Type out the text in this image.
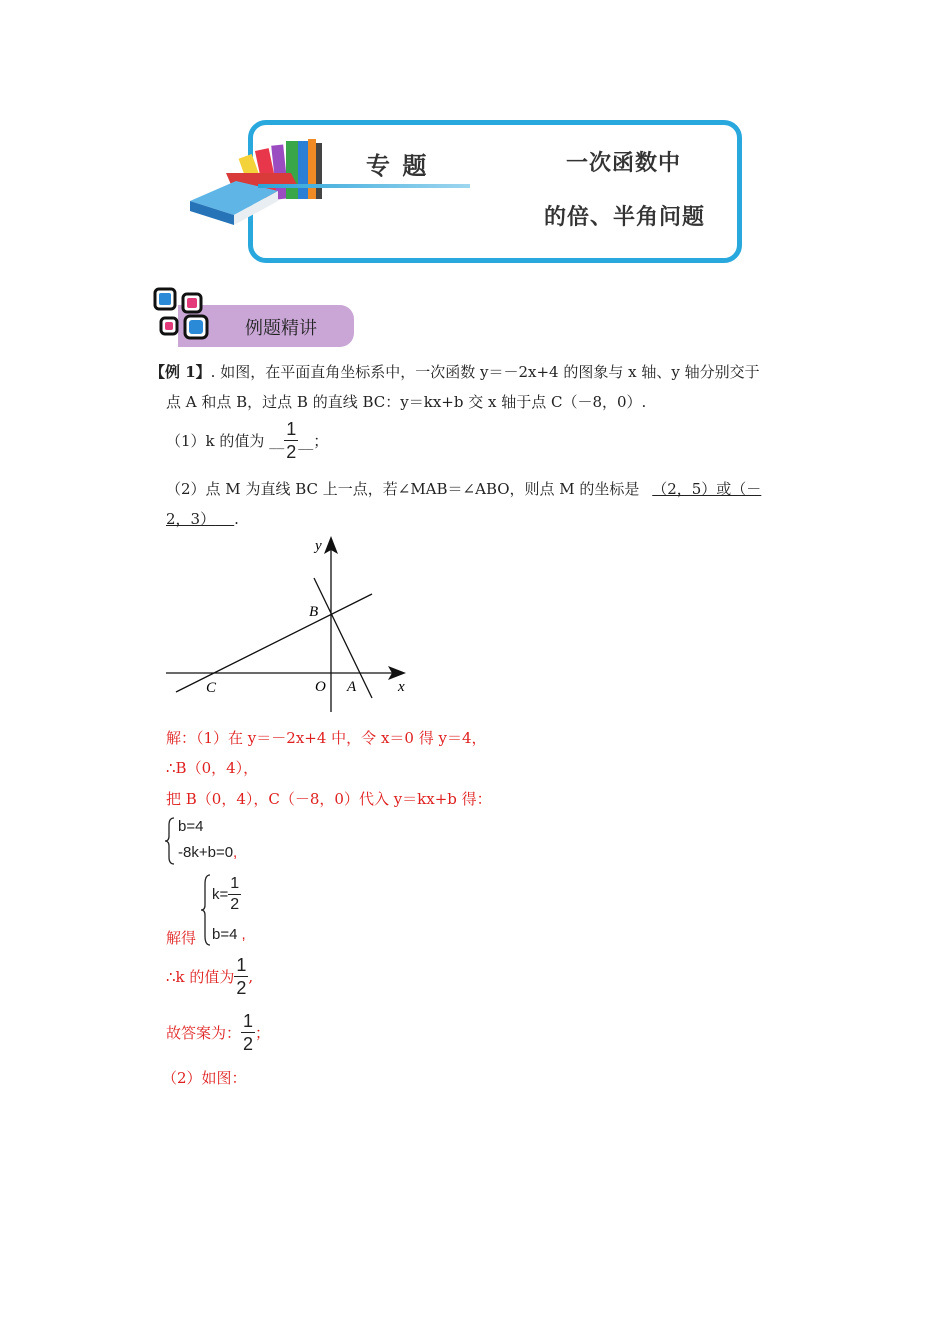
专 题	一次函数中
的倍、半角问题
例题精讲
【例 1】. 如图，在平面直角坐标系中，一次函数 y＝－2x+4 的图象与 x 轴、y 轴分别交于
点 A 和点 B，过点 B 的直线 BC：y＝kx+b 交 x 轴于点 C（－8，0）.
（1）k 的值为 __ $\frac{1}{2}$ __；
（2）点 M 为直线 BC 上一点，若∠MAB＝∠ABO，则点 M 的坐标是 （2，5）或（－
2，3） .
y
x
O A
B
C
解：（1）在 y＝－2x+4 中，令 x＝0 得 y＝4，
∴B（0，4），
把 B（0，4），C（－8，0）代入 y＝kx+b 得：
b=4
-8k+b=0,
解得
$k= \frac{1}{2}$
b=4 ,
∴k 的值为 $\frac{1}{2}$ ,
故答案为： $\frac{1}{2}$ ；
（2）如图：
